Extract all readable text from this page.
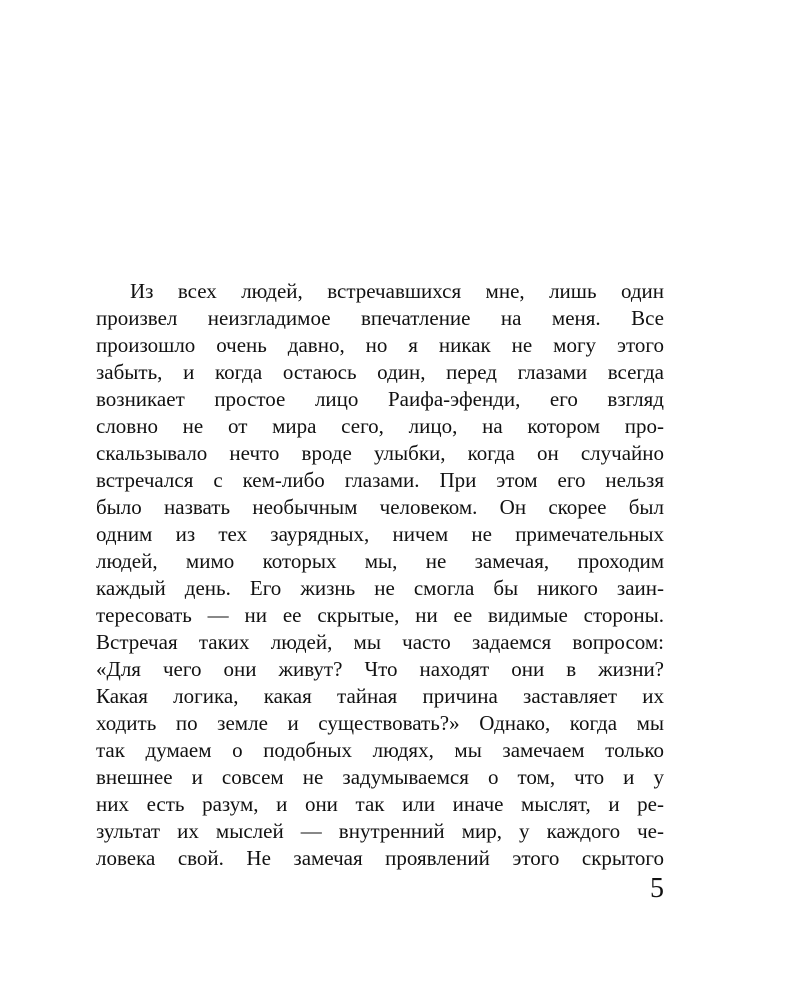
Из всех людей, встречавшихся мне, лишь один
произвел неизгладимое впечатление на меня. Все
произошло очень давно, но я никак не могу этого
забыть, и когда остаюсь один, перед глазами всегда
возникает простое лицо Раифа-эфенди, его взгляд
словно не от мира сего, лицо, на котором про-
скальзывало нечто вроде улыбки, когда он случайно
встречался с кем-либо глазами. При этом его нельзя
было назвать необычным человеком. Он скорее был
одним из тех заурядных, ничем не примечательных
людей, мимо которых мы, не замечая, проходим
каждый день. Его жизнь не смогла бы никого заин-
тересовать — ни ее скрытые, ни ее видимые стороны.
Встречая таких людей, мы часто задаемся вопросом:
«Для чего они живут? Что находят они в жизни?
Какая логика, какая тайная причина заставляет их
ходить по земле и существовать?» Однако, когда мы
так думаем о подобных людях, мы замечаем только
внешнее и совсем не задумываемся о том, что и у
них есть разум, и они так или иначе мыслят, и ре-
зультат их мыслей — внутренний мир, у каждого че-
ловека свой. Не замечая проявлений этого скрытого
5
